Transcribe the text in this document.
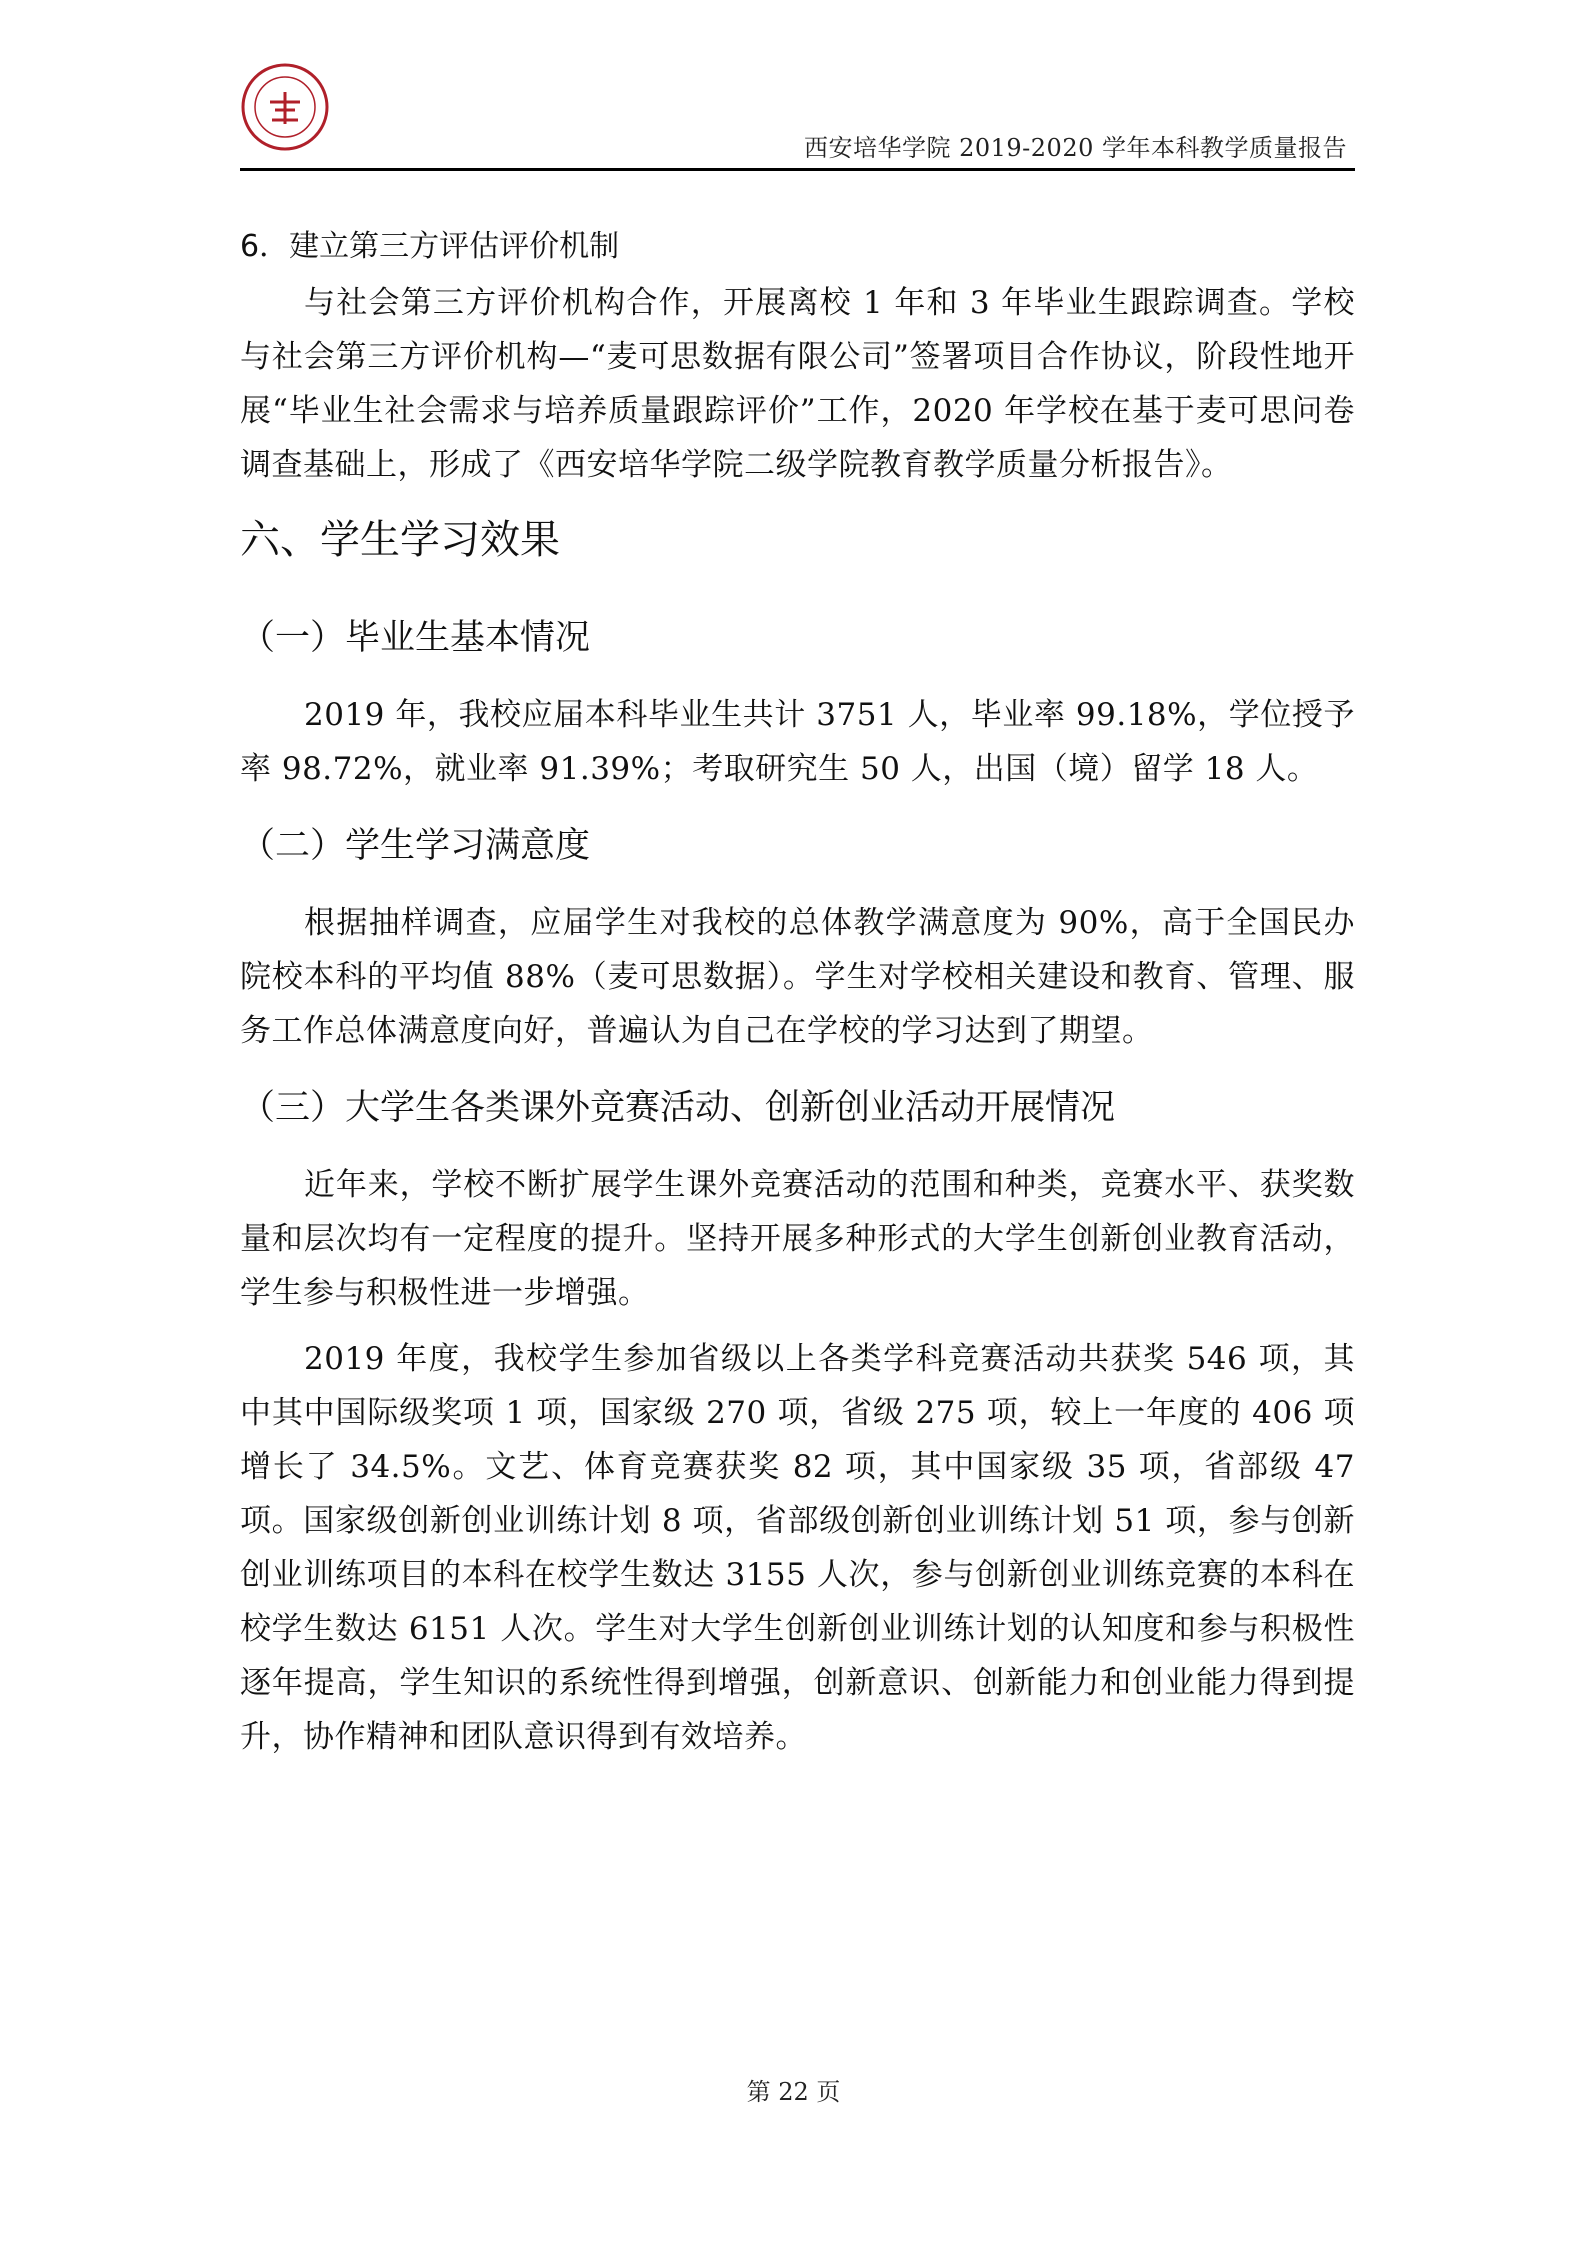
西安培华学院 2019-2020 学年本科教学质量报告

6．建立第三方评估评价机制

与社会第三方评价机构合作，开展离校 1 年和 3 年毕业生跟踪调查。学校与社会第三方评价机构—“麦可思数据有限公司”签署项目合作协议，阶段性地开展“毕业生社会需求与培养质量跟踪评价”工作，2020 年学校在基于麦可思问卷调查基础上，形成了《西安培华学院二级学院教育教学质量分析报告》。

六、学生学习效果

（一）毕业生基本情况

2019 年，我校应届本科毕业生共计 3751 人，毕业率 99.18%，学位授予率 98.72%，就业率 91.39%；考取研究生 50 人，出国（境）留学 18 人。

（二）学生学习满意度

根据抽样调查，应届学生对我校的总体教学满意度为 90%，高于全国民办院校本科的平均值 88%（麦可思数据）。学生对学校相关建设和教育、管理、服务工作总体满意度向好，普遍认为自己在学校的学习达到了期望。

（三）大学生各类课外竞赛活动、创新创业活动开展情况

近年来，学校不断扩展学生课外竞赛活动的范围和种类，竞赛水平、获奖数量和层次均有一定程度的提升。坚持开展多种形式的大学生创新创业教育活动，学生参与积极性进一步增强。

2019 年度，我校学生参加省级以上各类学科竞赛活动共获奖 546 项，其中其中国际级奖项 1 项，国家级 270 项，省级 275 项，较上一年度的 406 项增长了 34.5%。文艺、体育竞赛获奖 82 项，其中国家级 35 项，省部级 47 项。国家级创新创业训练计划 8 项，省部级创新创业训练计划 51 项，参与创新创业训练项目的本科在校学生数达 3155 人次，参与创新创业训练竞赛的本科在校学生数达 6151 人次。学生对大学生创新创业训练计划的认知度和参与积极性逐年提高，学生知识的系统性得到增强，创新意识、创新能力和创业能力得到提升，协作精神和团队意识得到有效培养。

第 22 页
